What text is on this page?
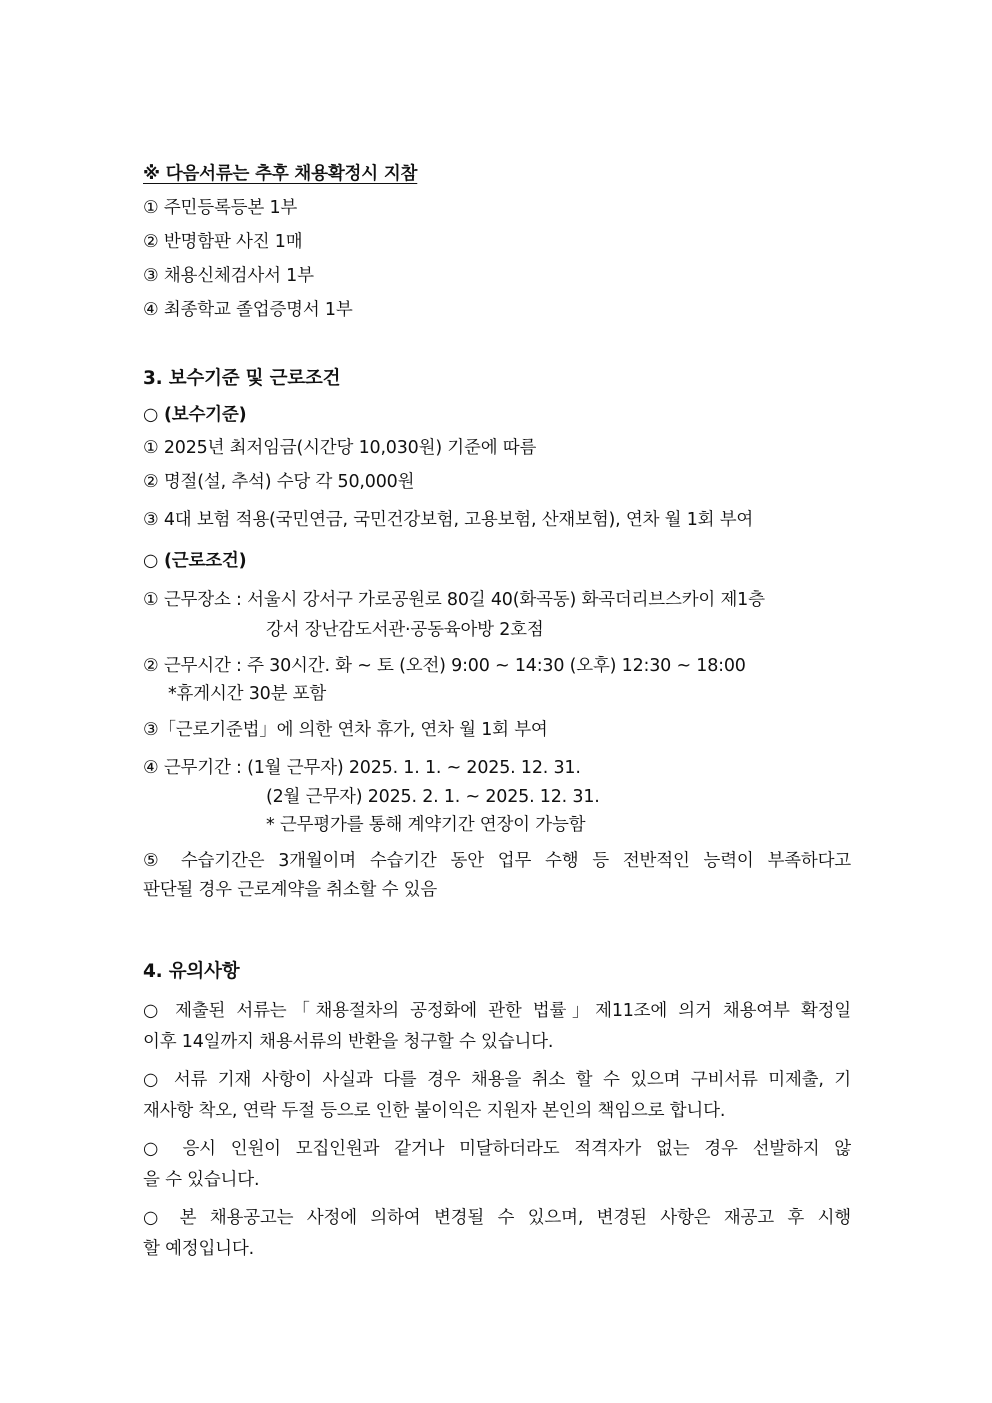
※ 다음서류는 추후 채용확정시 지참
① 주민등록등본 1부
② 반명함판 사진 1매
③ 채용신체검사서 1부
④ 최종학교 졸업증명서 1부
3. 보수기준 및 근로조건
○ (보수기준)
① 2025년 최저임금(시간당 10,030원) 기준에 따름
② 명절(설, 추석) 수당 각 50,000원
③ 4대 보험 적용(국민연금, 국민건강보험, 고용보험, 산재보험), 연차 월 1회 부여
○ (근로조건)
① 근무장소 : 서울시 강서구 가로공원로 80길 40(화곡동) 화곡더리브스카이 제1층
강서 장난감도서관·공동육아방 2호점
② 근무시간 : 주 30시간. 화 ~ 토 (오전) 9:00 ~ 14:30 (오후) 12:30 ~ 18:00
*휴게시간 30분 포함
③「근로기준법」에 의한 연차 휴가, 연차 월 1회 부여
④ 근무기간 : (1월 근무자) 2025. 1. 1. ~ 2025. 12. 31.
(2월 근무자) 2025. 2. 1. ~ 2025. 12. 31.
* 근무평가를 통해 계약기간 연장이 가능함
⑤ 수습기간은 3개월이며 수습기간 동안 업무 수행 등 전반적인 능력이 부족하다고
판단될 경우 근로계약을 취소할 수 있음
4. 유의사항
○ 제출된 서류는「채용절차의 공정화에 관한 법률」제11조에 의거 채용여부 확정일
이후 14일까지 채용서류의 반환을 청구할 수 있습니다.
○ 서류 기재 사항이 사실과 다를 경우 채용을 취소 할 수 있으며 구비서류 미제출, 기
재사항 착오, 연락 두절 등으로 인한 불이익은 지원자 본인의 책임으로 합니다.
○ 응시 인원이 모집인원과 같거나 미달하더라도 적격자가 없는 경우 선발하지 않
을 수 있습니다.
○ 본 채용공고는 사정에 의하여 변경될 수 있으며, 변경된 사항은 재공고 후 시행
할 예정입니다.
